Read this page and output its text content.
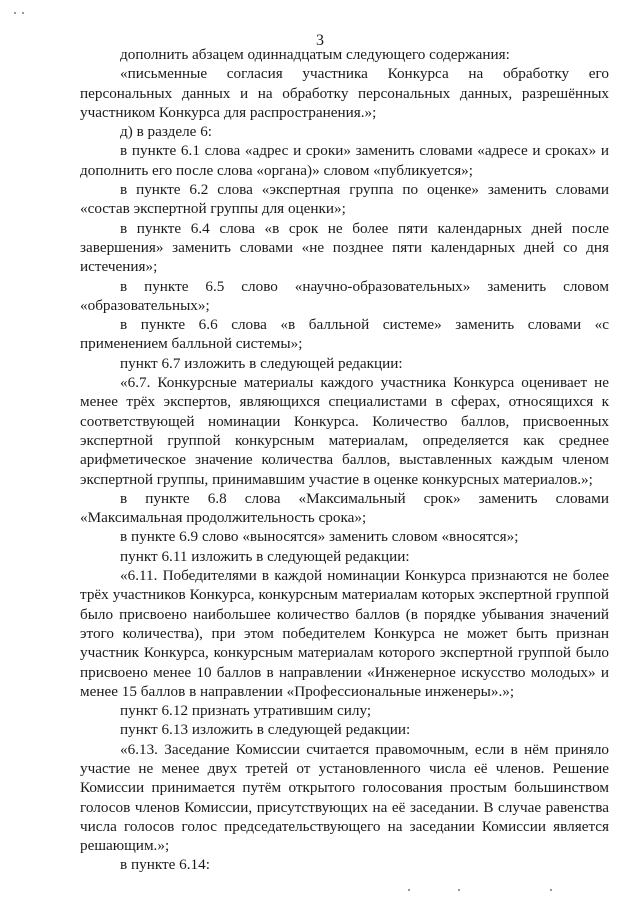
3

дополнить абзацем одиннадцатым следующего содержания:

«письменные согласия участника Конкурса на обработку его персональных данных и на обработку персональных данных, разрешённых участником Конкурса для распространения.»;

д) в разделе 6:

в пункте 6.1 слова «адрес и сроки» заменить словами «адресе и сроках» и дополнить его после слова «органа)» словом «публикуется»;

в пункте 6.2 слова «экспертная группа по оценке» заменить словами «состав экспертной группы для оценки»;

в пункте 6.4 слова «в срок не более пяти календарных дней после завершения» заменить словами «не позднее пяти календарных дней со дня истечения»;

в пункте 6.5 слово «научно-образовательных» заменить словом «образовательных»;

в пункте 6.6 слова «в балльной системе» заменить словами «с применением балльной системы»;

пункт 6.7 изложить в следующей редакции:

«6.7. Конкурсные материалы каждого участника Конкурса оценивает не менее трёх экспертов, являющихся специалистами в сферах, относящихся к соответствующей номинации Конкурса. Количество баллов, присвоенных экспертной группой конкурсным материалам, определяется как среднее арифметическое значение количества баллов, выставленных каждым членом экспертной группы, принимавшим участие в оценке конкурсных материалов.»;

в пункте 6.8 слова «Максимальный срок» заменить словами «Максимальная продолжительность срока»;

в пункте 6.9 слово «выносятся» заменить словом «вносятся»;

пункт 6.11 изложить в следующей редакции:

«6.11. Победителями в каждой номинации Конкурса признаются не более трёх участников Конкурса, конкурсным материалам которых экспертной группой было присвоено наибольшее количество баллов (в порядке убывания значений этого количества), при этом победителем Конкурса не может быть признан участник Конкурса, конкурсным материалам которого экспертной группой было присвоено менее 10 баллов в направлении «Инженерное искусство молодых» и менее 15 баллов в направлении «Профессиональные инженеры».»;

пункт 6.12 признать утратившим силу;

пункт 6.13 изложить в следующей редакции:

«6.13. Заседание Комиссии считается правомочным, если в нём приняло участие не менее двух третей от установленного числа её членов. Решение Комиссии принимается путём открытого голосования простым большинством голосов членов Комиссии, присутствующих на её заседании. В случае равенства числа голосов голос председательствующего на заседании Комиссии является решающим.»;

в пункте 6.14:
